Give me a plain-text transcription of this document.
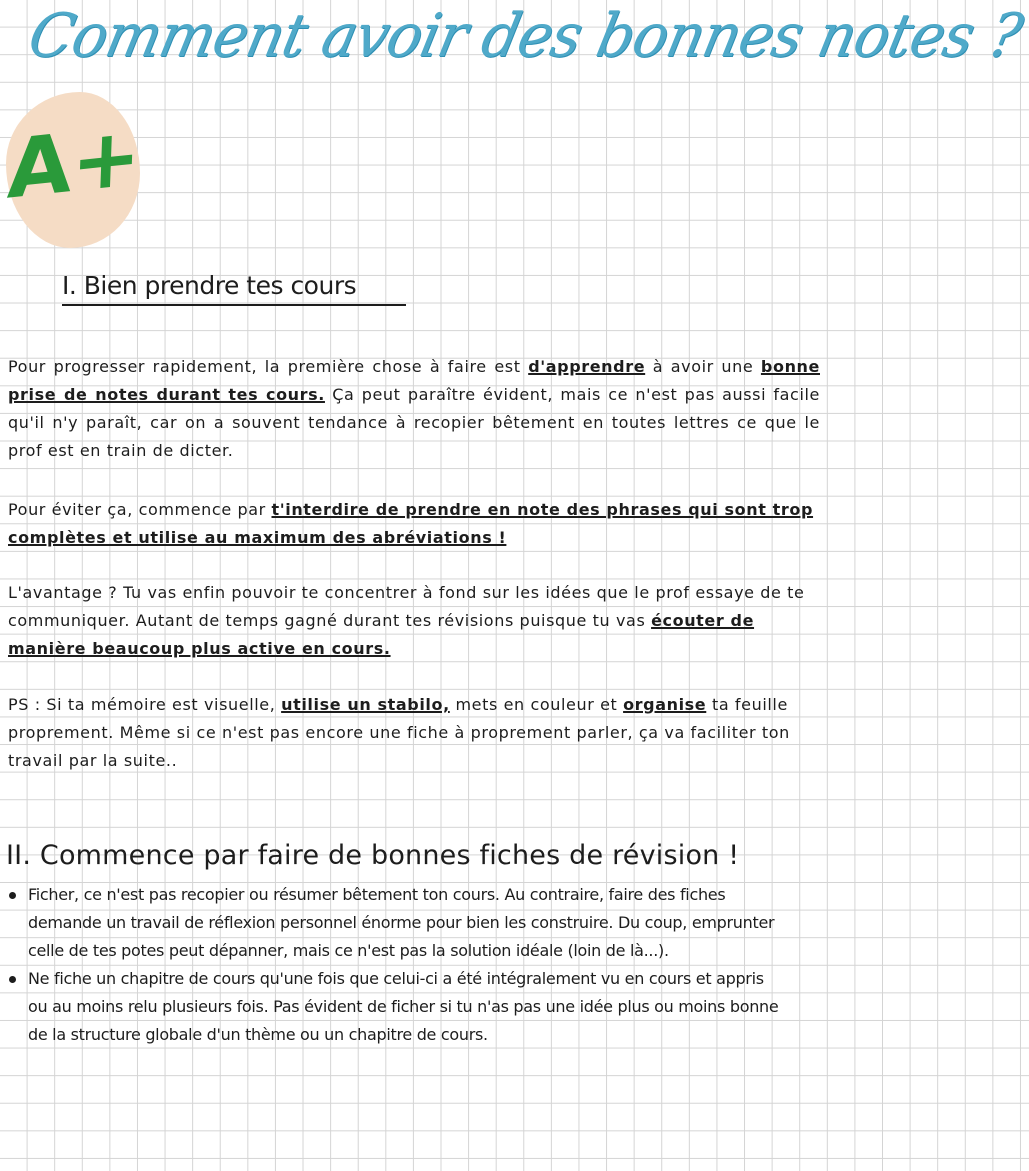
Comment avoir des bonnes notes ?
A+
I. Bien prendre tes cours
Pour progresser rapidement, la première chose à faire est d'apprendre à avoir une bonne prise de notes durant tes cours. Ça peut paraître évident, mais ce n'est pas aussi facile qu'il n'y paraît, car on a souvent tendance à recopier bêtement en toutes lettres ce que le prof est en train de dicter.
Pour éviter ça, commence par t'interdire de prendre en note des phrases qui sont trop complètes et utilise au maximum des abréviations !
L'avantage ? Tu vas enfin pouvoir te concentrer à fond sur les idées que le prof essaye de te communiquer. Autant de temps gagné durant tes révisions puisque tu vas écouter de manière beaucoup plus active en cours.
PS : Si ta mémoire est visuelle, utilise un stabilo, mets en couleur et organise ta feuille proprement. Même si ce n'est pas encore une fiche à proprement parler, ça va faciliter ton travail par la suite..
II. Commence par faire de bonnes fiches de révision !
Ficher, ce n'est pas recopier ou résumer bêtement ton cours. Au contraire, faire des fiches
demande un travail de réflexion personnel énorme pour bien les construire. Du coup, emprunter
celle de tes potes peut dépanner, mais ce n'est pas la solution idéale (loin de là...).
Ne fiche un chapitre de cours qu'une fois que celui-ci a été intégralement vu en cours et appris
ou au moins relu plusieurs fois. Pas évident de ficher si tu n'as pas une idée plus ou moins bonne
de la structure globale d'un thème ou un chapitre de cours.
